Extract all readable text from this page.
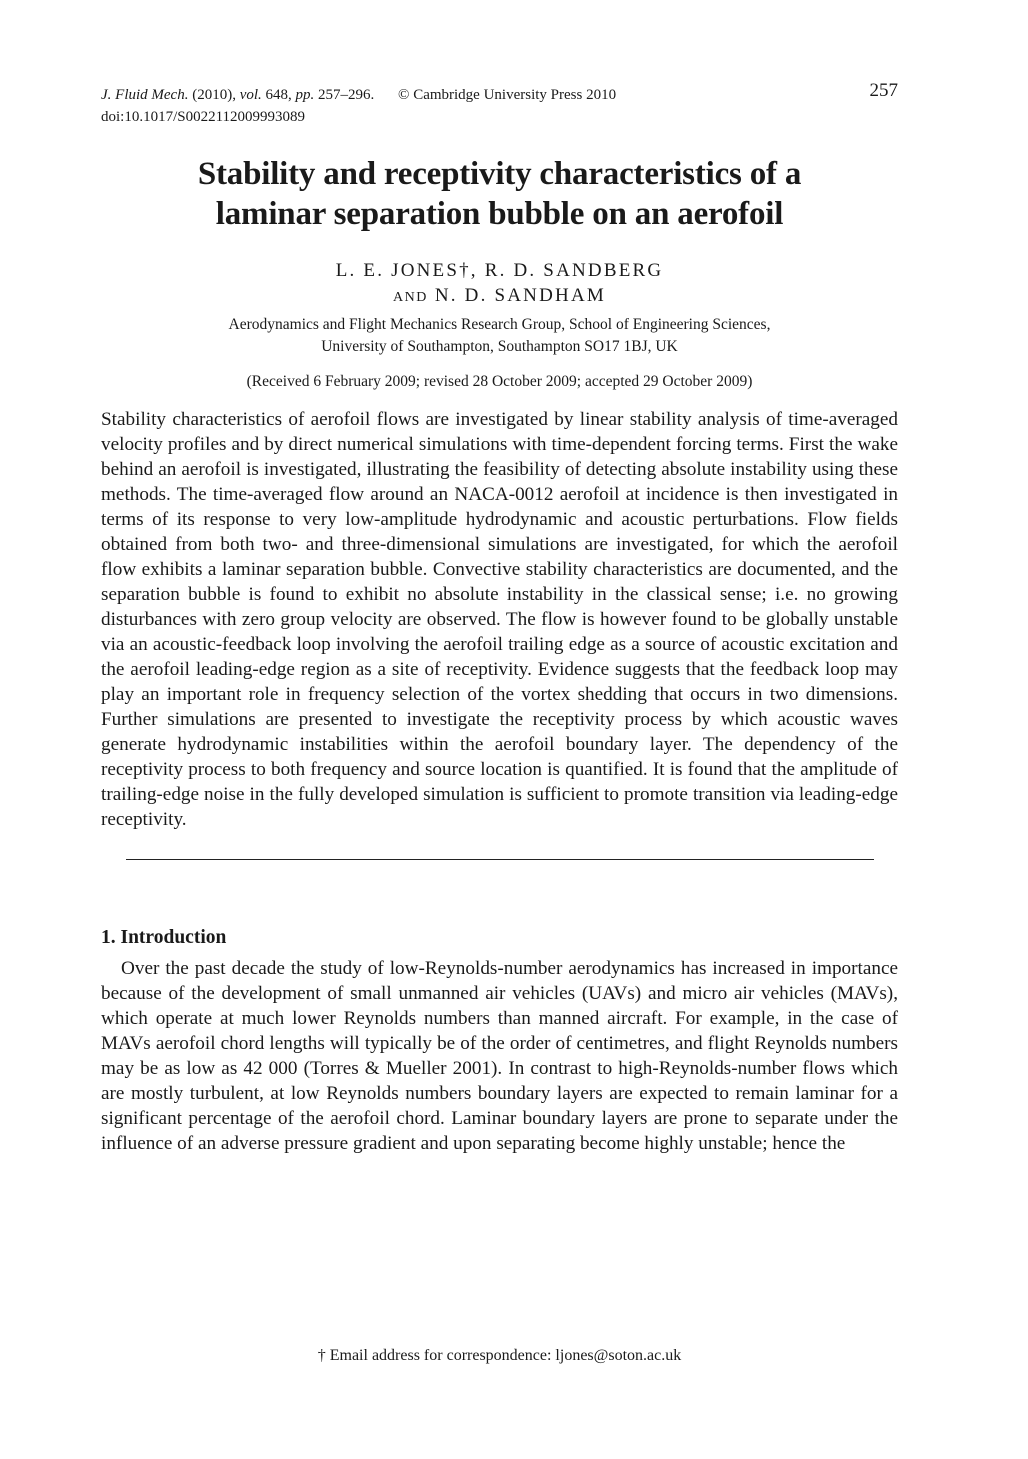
J. Fluid Mech. (2010), vol. 648, pp. 257–296. © Cambridge University Press 2010
doi:10.1017/S0022112009993089
257
Stability and receptivity characteristics of a
laminar separation bubble on an aerofoil
L. E. JONES†, R. D. SANDBERG
AND N. D. SANDHAM
Aerodynamics and Flight Mechanics Research Group, School of Engineering Sciences,
University of Southampton, Southampton SO17 1BJ, UK
(Received 6 February 2009; revised 28 October 2009; accepted 29 October 2009)
Stability characteristics of aerofoil flows are investigated by linear stability analysis of time-averaged velocity profiles and by direct numerical simulations with time-dependent forcing terms. First the wake behind an aerofoil is investigated, illustrating the feasibility of detecting absolute instability using these methods. The time-averaged flow around an NACA-0012 aerofoil at incidence is then investigated in terms of its response to very low-amplitude hydrodynamic and acoustic perturbations. Flow fields obtained from both two- and three-dimensional simulations are investigated, for which the aerofoil flow exhibits a laminar separation bubble. Convective stability characteristics are documented, and the separation bubble is found to exhibit no absolute instability in the classical sense; i.e. no growing disturbances with zero group velocity are observed. The flow is however found to be globally unstable via an acoustic-feedback loop involving the aerofoil trailing edge as a source of acoustic excitation and the aerofoil leading-edge region as a site of receptivity. Evidence suggests that the feedback loop may play an important role in frequency selection of the vortex shedding that occurs in two dimensions. Further simulations are presented to investigate the receptivity process by which acoustic waves generate hydrodynamic instabilities within the aerofoil boundary layer. The dependency of the receptivity process to both frequency and source location is quantified. It is found that the amplitude of trailing-edge noise in the fully developed simulation is sufficient to promote transition via leading-edge receptivity.
1. Introduction
Over the past decade the study of low-Reynolds-number aerodynamics has increased in importance because of the development of small unmanned air vehicles (UAVs) and micro air vehicles (MAVs), which operate at much lower Reynolds numbers than manned aircraft. For example, in the case of MAVs aerofoil chord lengths will typically be of the order of centimetres, and flight Reynolds numbers may be as low as 42 000 (Torres & Mueller 2001). In contrast to high-Reynolds-number flows which are mostly turbulent, at low Reynolds numbers boundary layers are expected to remain laminar for a significant percentage of the aerofoil chord. Laminar boundary layers are prone to separate under the influence of an adverse pressure gradient and upon separating become highly unstable; hence the
† Email address for correspondence: ljones@soton.ac.uk
